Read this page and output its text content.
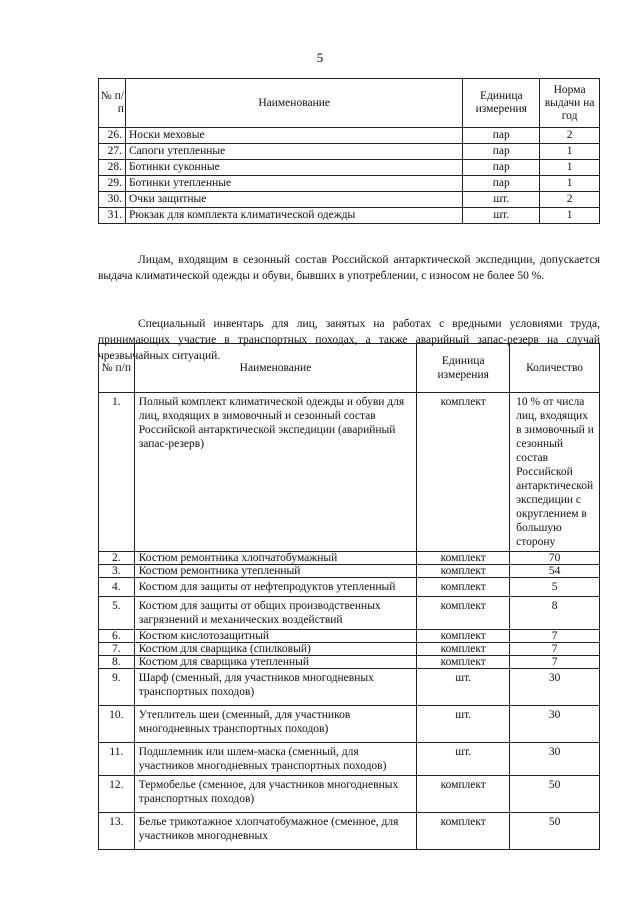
5
№ п/п	Наименование	Единица измерения	Норма выдачи на год
26.	Носки меховые	пар	2
27.	Сапоги утепленные	пар	1
28.	Ботинки суконные	пар	1
29.	Ботинки утепленные	пар	1
30.	Очки защитные	шт.	2
31.	Рюкзак для комплекта климатической одежды	шт.	1

Лицам, входящим в сезонный состав Российской антарктической экспедиции, допускается выдача климатической одежды и обуви, бывших в употреблении, с износом не более 50 %.

Специальный инвентарь для лиц, занятых на работах с вредными условиями труда, принимающих участие в транспортных походах, а также аварийный запас-резерв на случай чрезвычайных ситуаций.

№ п/п	Наименование	Единица измерения	Количество
1.	Полный комплект климатической одежды и обуви для лиц, входящих в зимовочный и сезонный состав Российской антарктической экспедиции (аварийный запас-резерв)	комплект	10 % от числа лиц, входящих в зимовочный и сезонный состав Российской антарктической экспедиции с округлением в большую сторону
2.	Костюм ремонтника хлопчатобумажный	комплект	70
3.	Костюм ремонтника утепленный	комплект	54
4.	Костюм для защиты от нефтепродуктов утепленный	комплект	5
5.	Костюм для защиты от общих производственных загрязнений и механических воздействий	комплект	8
6.	Костюм кислотозащитный	комплект	7
7.	Костюм для сварщика (спилковый)	комплект	7
8.	Костюм для сварщика утепленный	комплект	7
9.	Шарф (сменный, для участников многодневных транспортных походов)	шт.	30
10.	Утеплитель шеи (сменный, для участников многодневных транспортных походов)	шт.	30
11.	Подшлемник или шлем-маска (сменный, для участников многодневных транспортных походов)	шт.	30
12.	Термобелье (сменное, для участников многодневных транспортных походов)	комплект	50
13.	Белье трикотажное хлопчатобумажное (сменное, для участников многодневных	комплект	50
